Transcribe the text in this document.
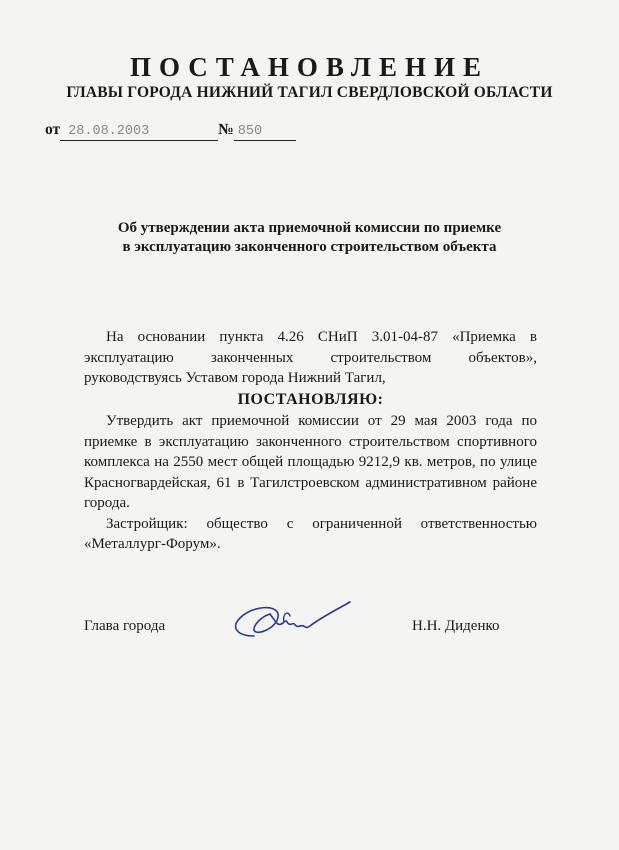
ПОСТАНОВЛЕНИЕ
ГЛАВЫ ГОРОДА НИЖНИЙ ТАГИЛ СВЕРДЛОВСКОЙ ОБЛАСТИ
от 28.08.2003	№ 850
Об утверждении акта приемочной комиссии по приемке
в эксплуатацию законченного строительством объекта

На основании пункта 4.26 СНиП 3.01-04-87 «Приемка в эксплуатацию законченных строительством объектов», руководствуясь Уставом города Нижний Тагил,

ПОСТАНОВЛЯЮ:

Утвердить акт приемочной комиссии от 29 мая 2003 года по приемке в эксплуатацию законченного строительством спортивного комплекса на 2550 мест общей площадью 9212,9 кв. метров, по улице Красногвардейская, 61 в Тагилстроевском административном районе города.

Застройщик: общество с ограниченной ответственностью «Металлург-Форум».

Глава города	Н.Н. Диденко
